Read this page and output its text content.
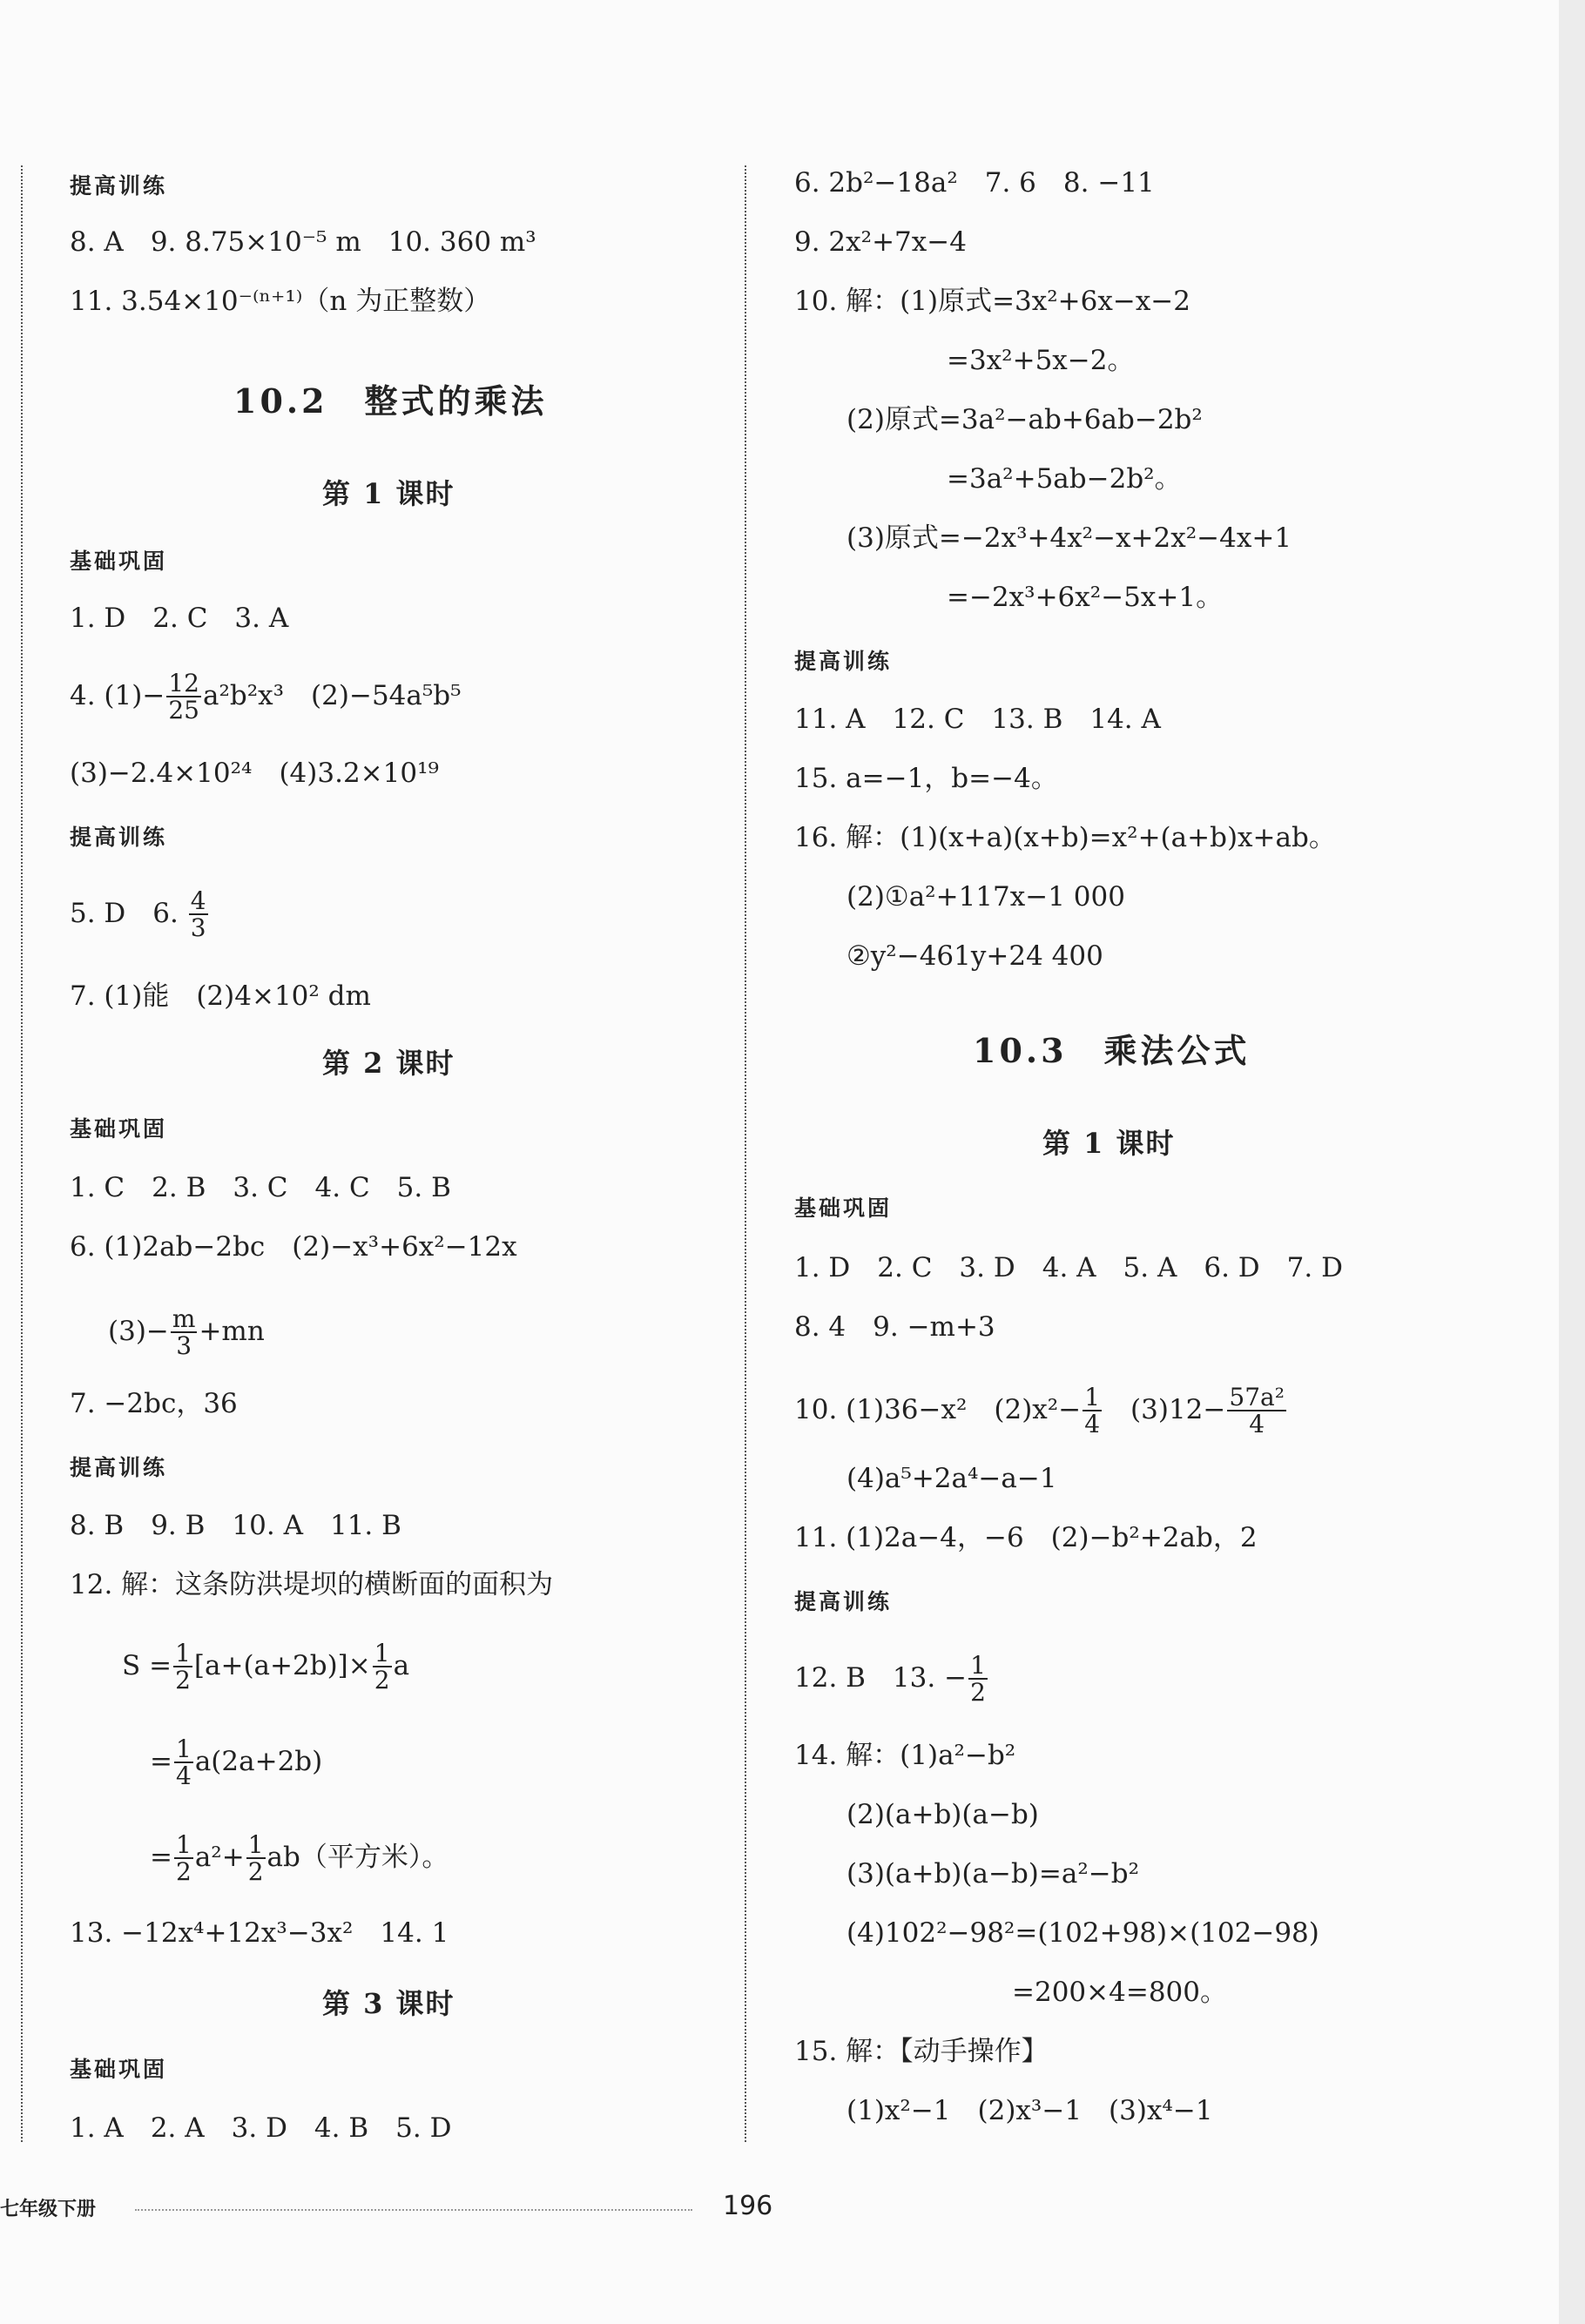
提高训练
8. A　9. 8.75×10⁻⁵ m　10. 360 m³
11. 3.54×10⁻⁽ⁿ⁺¹⁾（n 为正整数）
10.2　整式的乘法
第 1 课时
基础巩固
1. D　2. C　3. A
4. $(1)- \frac{12}{25} a^2b^2x^3$　(2)−54a⁵b⁵
(3)−2.4×10²⁴　(4)3.2×10¹⁹
提高训练
5. D　6. $\frac{4}{3}$
7. (1)能　(2)4×10² dm
第 2 课时
基础巩固
1. C　2. B　3. C　4. C　5. B
6. (1)2ab−2bc　(2)−x³+6x²−12x
$(3)- \frac{m}{3} +mn$
7. −2bc，36
提高训练
8. B　9. B　10. A　11. B
12. 解：这条防洪堤坝的横断面的面积为
$S = \frac{1}{2} [a+(a+2b)]\times \frac{1}{2}$ a
= $\frac{1}{4} a(2a+2b)$
= $\frac{1}{2} a^2+ \frac{1}{2} ab$（平方米）。
13. −12x⁴+12x³−3x²　14. 1
第 3 课时
基础巩固
1. A　2. A　3. D　4. B　5. D
6. 2b²−18a²　7. 6　8. −11
9. 2x²+7x−4
10. 解：(1)原式=3x²+6x−x−2
=3x²+5x−2。
(2)原式=3a²−ab+6ab−2b²
=3a²+5ab−2b²。
(3)原式=−2x³+4x²−x+2x²−4x+1
=−2x³+6x²−5x+1。
提高训练
11. A　12. C　13. B　14. A
15. a=−1，b=−4。
16. 解：(1)(x+a)(x+b)=x²+(a+b)x+ab。
(2)①a²+117x−1 000
②y²−461y+24 400
10.3　乘法公式
第 1 课时
基础巩固
1. D　2. C　3. D　4. A　5. A　6. D　7. D
8. 4　9. −m+3
10. (1)36−x²　$(2)x^2- \frac{1}{4}$ 　$(3)12- \frac{\text{57a²}}{4}$
(4)a⁵+2a⁴−a−1
11. (1)2a−4，−6　(2)−b²+2ab，2
提高训练
12. B　13. − $\frac{1}{2}$
14. 解：(1)a²−b²
(2)(a+b)(a−b)
(3)(a+b)(a−b)=a²−b²
(4)102²−98²=(102+98)×(102−98)
=200×4=800。
15. 解：【动手操作】
(1)x²−1　(2)x³−1　(3)x⁴−1
七年级下册	196
